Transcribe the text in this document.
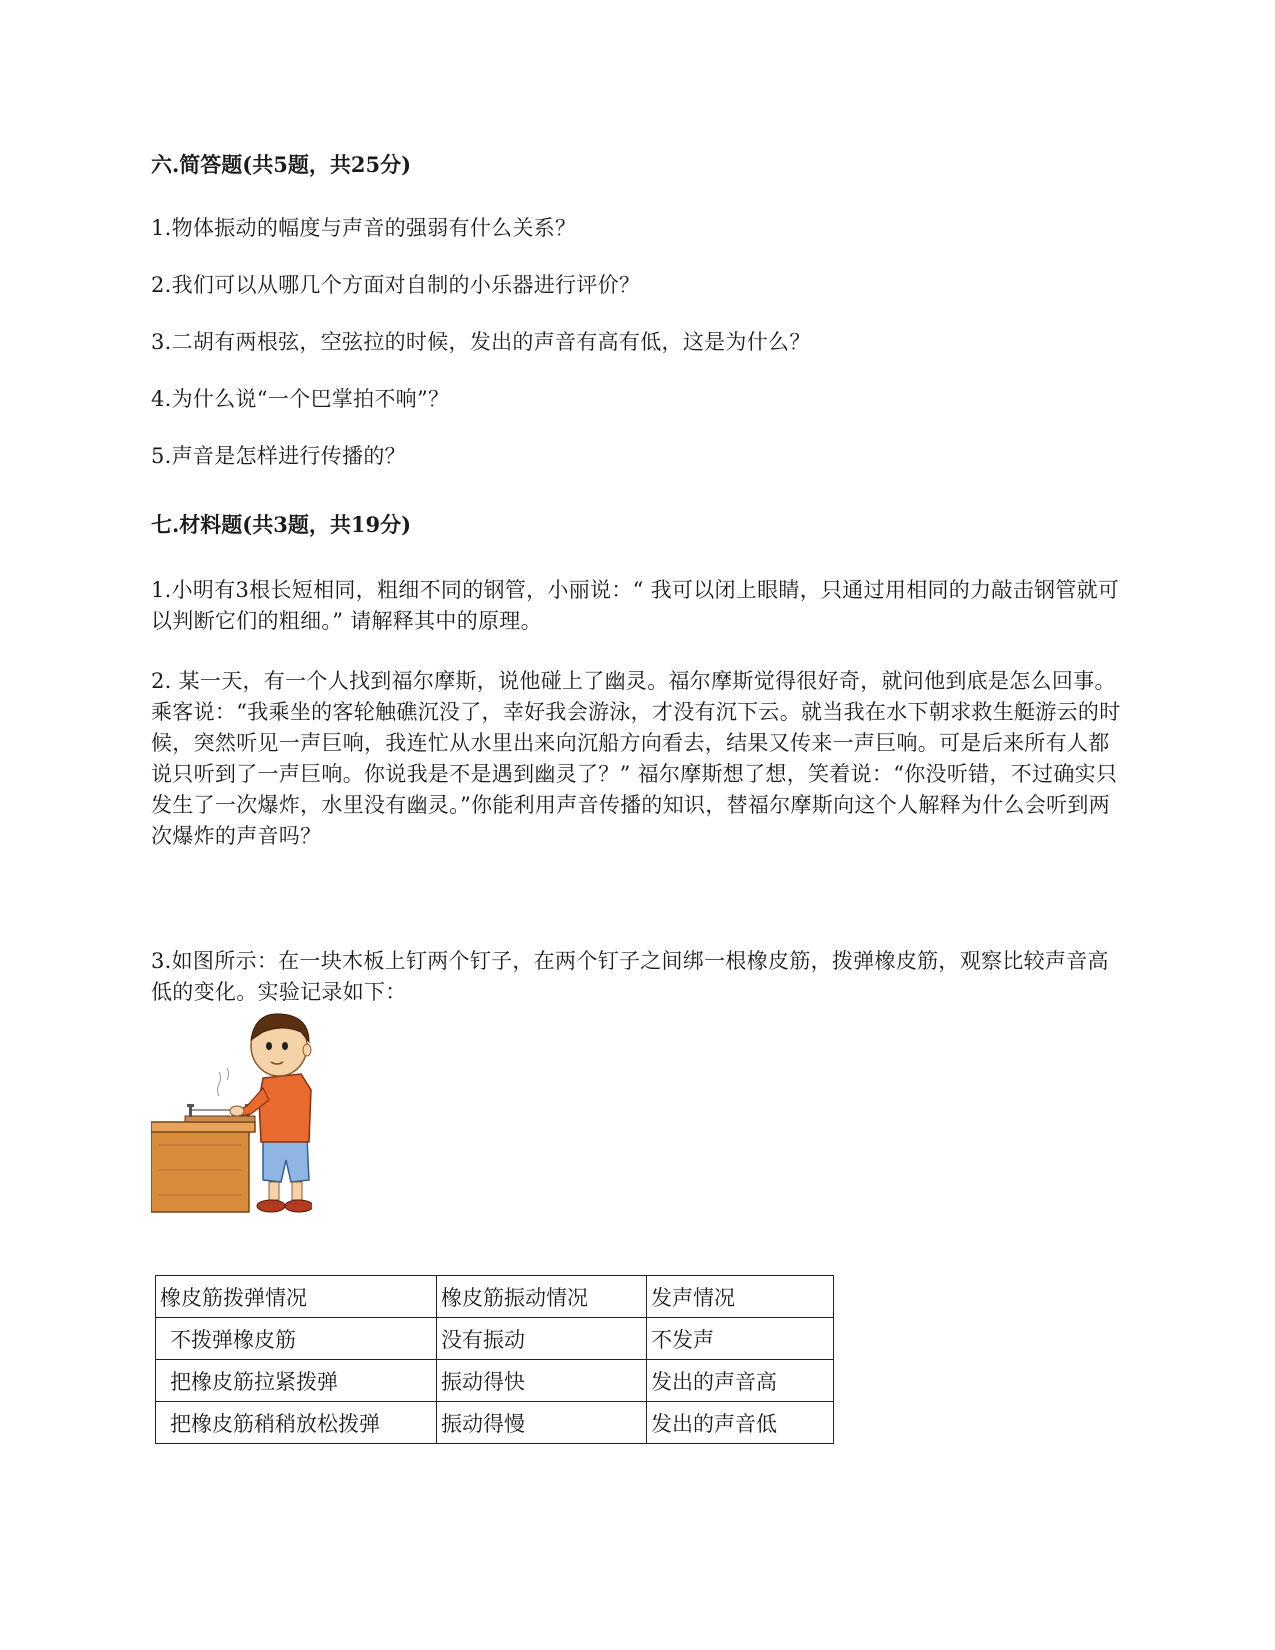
六.简答题(共5题，共25分)

1.物体振动的幅度与声音的强弱有什么关系？

2.我们可以从哪几个方面对自制的小乐器进行评价？

3.二胡有两根弦，空弦拉的时候，发出的声音有高有低，这是为什么？

4.为什么说“一个巴掌拍不响”？

5.声音是怎样进行传播的？

七.材料题(共3题，共19分)

1.小明有3根长短相同，粗细不同的钢管，小丽说：“ 我可以闭上眼睛，只通过用相同的力敲击钢管就可以判断它们的粗细。” 请解释其中的原理。

2. 某一天，有一个人找到福尔摩斯，说他碰上了幽灵。福尔摩斯觉得很好奇，就问他到底是怎么回事。乘客说：“我乘坐的客轮触礁沉没了，幸好我会游泳，才没有沉下云。就当我在水下朝求救生艇游云的时候，突然听见一声巨响，我连忙从水里出来向沉船方向看去，结果又传来一声巨响。可是后来所有人都说只听到了一声巨响。你说我是不是遇到幽灵了？” 福尔摩斯想了想，笑着说：“你没听错，不过确实只发生了一次爆炸，水里没有幽灵。”你能利用声音传播的知识，替福尔摩斯向这个人解释为什么会听到两次爆炸的声音吗？

3.如图所示：在一块木板上钉两个钉子，在两个钉子之间绑一根橡皮筋，拨弹橡皮筋，观察比较声音高低的变化。实验记录如下：

橡皮筋拨弹情况	橡皮筋振动情况	发声情况
不拨弹橡皮筋	没有振动	不发声
把橡皮筋拉紧拨弹	振动得快	发出的声音高
把橡皮筋稍稍放松拨弹	振动得慢	发出的声音低
